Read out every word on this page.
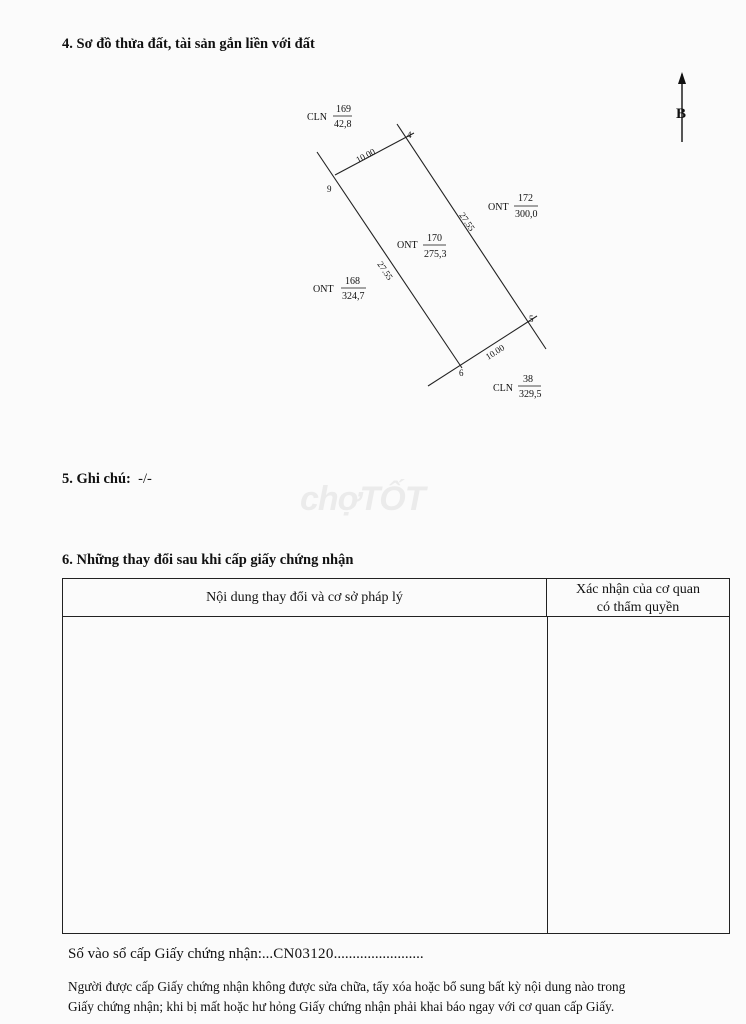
4. Sơ đồ thửa đất, tài sản gắn liền với đất
B
CLN
169
42,8
ONT
172
300,0
ONT
170
275,3
ONT
168
324,7
CLN
38
329,5
4
9
5
6
10.00
10.00
27.55
27.55
5. Ghi chú: -/-
chợTỐT
6. Những thay đổi sau khi cấp giấy chứng nhận
Nội dung thay đổi và cơ sở pháp lý
Xác nhận của cơ quan
có thẩm quyền
Số vào sổ cấp Giấy chứng nhận:...CN03120........................
Người được cấp Giấy chứng nhận không được sửa chữa, tẩy xóa hoặc bổ sung bất kỳ nội dung nào trong
Giấy chứng nhận; khi bị mất hoặc hư hỏng Giấy chứng nhận phải khai báo ngay với cơ quan cấp Giấy.
